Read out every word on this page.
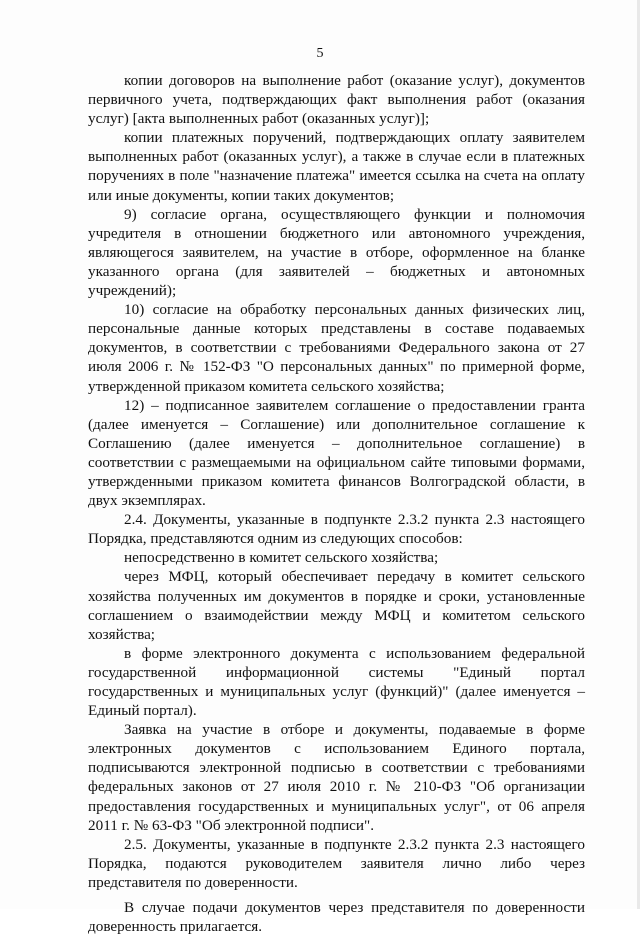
5

копии договоров на выполнение работ (оказание услуг), документов первичного учета, подтверждающих факт выполнения работ (оказания услуг) [акта выполненных работ (оказанных услуг)];

копии платежных поручений, подтверждающих оплату заявителем выполненных работ (оказанных услуг), а также в случае если в платежных поручениях в поле "назначение платежа" имеется ссылка на счета на оплату или иные документы, копии таких документов;

9) согласие органа, осуществляющего функции и полномочия учредителя в отношении бюджетного или автономного учреждения, являющегося заявителем, на участие в отборе, оформленное на бланке указанного органа (для заявителей – бюджетных и автономных учреждений);

10) согласие на обработку персональных данных физических лиц, персональные данные которых представлены в составе подаваемых документов, в соответствии с требованиями Федерального закона от 27 июля 2006 г. № 152-ФЗ "О персональных данных" по примерной форме, утвержденной приказом комитета сельского хозяйства;

12) – подписанное заявителем соглашение о предоставлении гранта (далее именуется – Соглашение) или дополнительное соглашение к Соглашению (далее именуется – дополнительное соглашение) в соответствии с размещаемыми на официальном сайте типовыми формами, утвержденными приказом комитета финансов Волгоградской области, в двух экземплярах.

2.4. Документы, указанные в подпункте 2.3.2 пункта 2.3 настоящего Порядка, представляются одним из следующих способов:

непосредственно в комитет сельского хозяйства;

через МФЦ, который обеспечивает передачу в комитет сельского хозяйства полученных им документов в порядке и сроки, установленные соглашением о взаимодействии между МФЦ и комитетом сельского хозяйства;

в форме электронного документа с использованием федеральной государственной информационной системы "Единый портал государственных и муниципальных услуг (функций)" (далее именуется – Единый портал).

Заявка на участие в отборе и документы, подаваемые в форме электронных документов с использованием Единого портала, подписываются электронной подписью в соответствии с требованиями федеральных законов от 27 июля 2010 г. № 210-ФЗ "Об организации предоставления государственных и муниципальных услуг", от 06 апреля 2011 г. № 63-ФЗ "Об электронной подписи".

2.5. Документы, указанные в подпункте 2.3.2 пункта 2.3 настоящего Порядка, подаются руководителем заявителя лично либо через представителя по доверенности.

В случае подачи документов через представителя по доверенности доверенность прилагается.
